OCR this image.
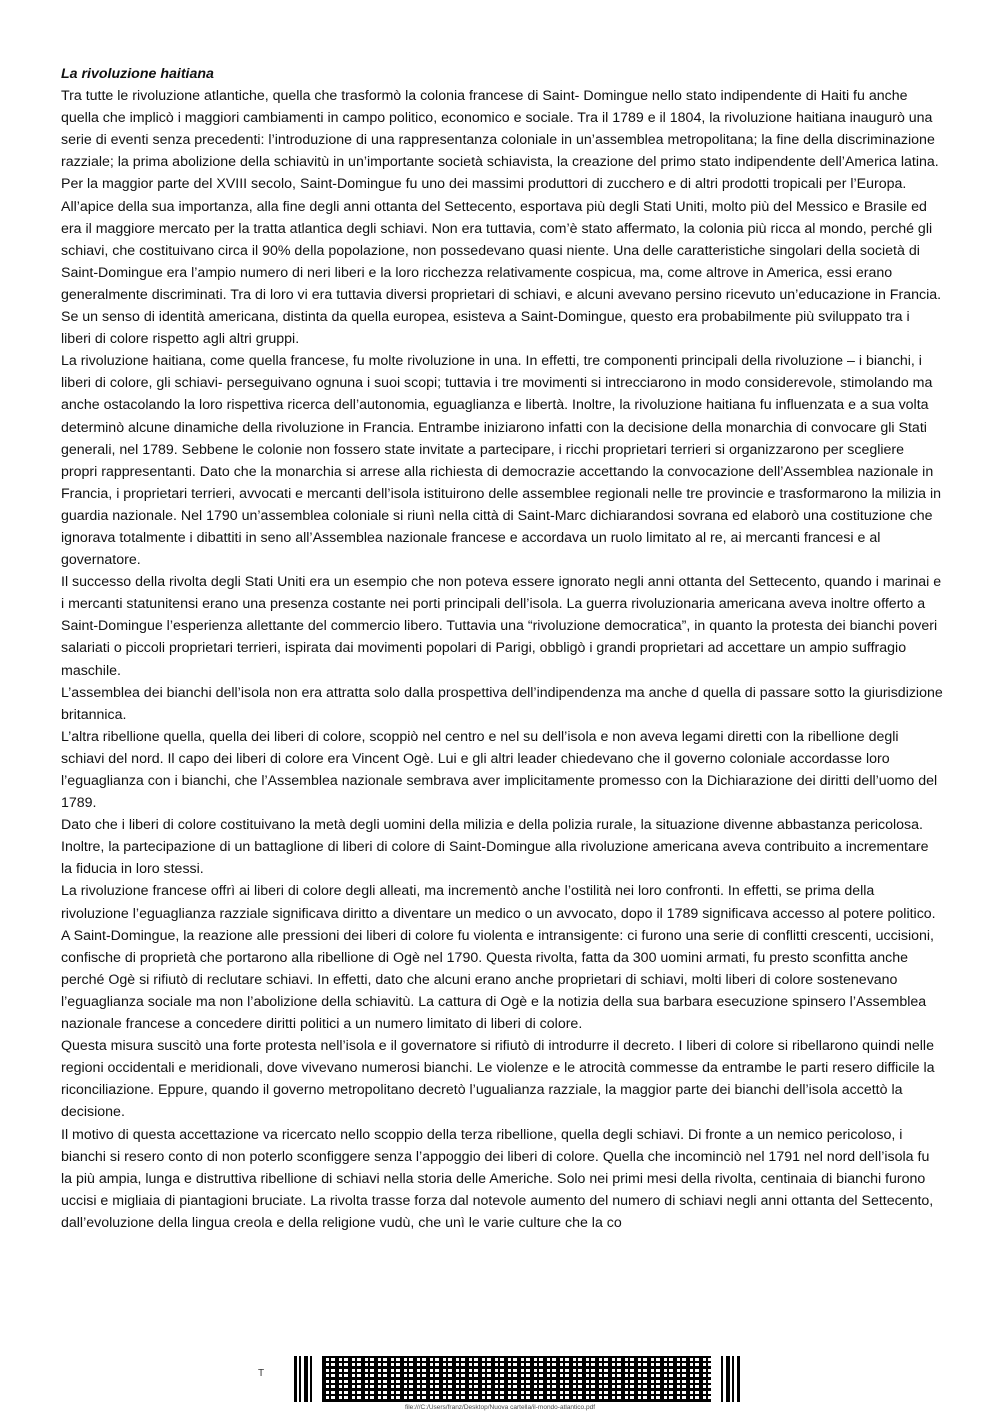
La rivoluzione haitiana

Tra tutte le rivoluzione atlantiche, quella che trasformò la colonia francese di Saint- Domingue nello stato indipendente di Haiti fu anche quella che implicò i maggiori cambiamenti in campo politico, economico e sociale. Tra il 1789 e il 1804, la rivoluzione haitiana inaugurò una serie di eventi senza precedenti: l’introduzione di una rappresentanza coloniale in un’assemblea metropolitana; la fine della discriminazione razziale; la prima abolizione della schiavitù in un’importante società schiavista, la creazione del primo stato indipendente dell’America latina.

Per la maggior parte del XVIII secolo, Saint-Domingue fu uno dei massimi produttori di zucchero e di altri prodotti tropicali per l’Europa. All’apice della sua importanza, alla fine degli anni ottanta del Settecento, esportava più degli Stati Uniti, molto più del Messico e Brasile ed era il maggiore mercato per la tratta atlantica degli schiavi. Non era tuttavia, com’è stato affermato, la colonia più ricca al mondo, perché gli schiavi, che costituivano circa il 90% della popolazione, non possedevano quasi niente. Una delle caratteristiche singolari della società di Saint-Domingue era l’ampio numero di neri liberi e la loro ricchezza relativamente cospicua, ma, come altrove in America, essi erano generalmente discriminati. Tra di loro vi era tuttavia diversi proprietari di schiavi, e alcuni avevano persino ricevuto un’educazione in Francia. Se un senso di identità americana, distinta da quella europea, esisteva a Saint-Domingue, questo era probabilmente più sviluppato tra i liberi di colore rispetto agli altri gruppi.

La rivoluzione haitiana, come quella francese, fu molte rivoluzione in una. In effetti, tre componenti principali della rivoluzione – i bianchi, i liberi di colore, gli schiavi- perseguivano ognuna i suoi scopi; tuttavia i tre movimenti si intrecciarono in modo considerevole, stimolando ma anche ostacolando la loro rispettiva ricerca dell’autonomia, eguaglianza e libertà. Inoltre, la rivoluzione haitiana fu influenzata e a sua volta determinò alcune dinamiche della rivoluzione in Francia. Entrambe iniziarono infatti con la decisione della monarchia di convocare gli Stati generali, nel 1789. Sebbene le colonie non fossero state invitate a partecipare, i ricchi proprietari terrieri si organizzarono per scegliere propri rappresentanti. Dato che la monarchia si arrese alla richiesta di democrazie accettando la convocazione dell’Assemblea nazionale in Francia, i proprietari terrieri, avvocati e mercanti dell’isola istituirono delle assemblee regionali nelle tre provincie e trasformarono la milizia in guardia nazionale. Nel 1790 un’assemblea coloniale si riunì nella città di Saint-Marc dichiarandosi sovrana ed elaborò una costituzione che ignorava totalmente i dibattiti in seno all’Assemblea nazionale francese e accordava un ruolo limitato al re, ai mercanti francesi e al governatore.

Il successo della rivolta degli Stati Uniti era un esempio che non poteva essere ignorato negli anni ottanta del Settecento, quando i marinai e i mercanti statunitensi erano una presenza costante nei porti principali dell’isola. La guerra rivoluzionaria americana aveva inoltre offerto a Saint-Domingue l’esperienza allettante del commercio libero. Tuttavia una “rivoluzione democratica”, in quanto la protesta dei bianchi poveri salariati o piccoli proprietari terrieri, ispirata dai movimenti popolari di Parigi, obbligò i grandi proprietari ad accettare un ampio suffragio maschile.

L’assemblea dei bianchi dell’isola non era attratta solo dalla prospettiva dell’indipendenza ma anche d quella di passare sotto la giurisdizione britannica.

L’altra ribellione quella, quella dei liberi di colore, scoppiò nel centro e nel su dell’isola e non aveva legami diretti con la ribellione degli schiavi del nord. Il capo dei liberi di colore era Vincent Ogè. Lui e gli altri leader chiedevano che il governo coloniale accordasse loro l’eguaglianza con i bianchi, che l’Assemblea nazionale sembrava aver implicitamente promesso con la Dichiarazione dei diritti dell’uomo del 1789.

Dato che i liberi di colore costituivano la metà degli uomini della milizia e della polizia rurale, la situazione divenne abbastanza pericolosa. Inoltre, la partecipazione di un battaglione di liberi di colore di Saint-Domingue alla rivoluzione americana aveva contribuito a incrementare la fiducia in loro stessi.

La rivoluzione francese offrì ai liberi di colore degli alleati, ma incrementò anche l’ostilità nei loro confronti. In effetti, se prima della rivoluzione l’eguaglianza razziale significava diritto a diventare un medico o un avvocato, dopo il 1789 significava accesso al potere politico.

A Saint-Domingue, la reazione alle pressioni dei liberi di colore fu violenta e intransigente: ci furono una serie di conflitti crescenti, uccisioni, confische di proprietà che portarono alla ribellione di Ogè nel 1790. Questa rivolta, fatta da 300 uomini armati, fu presto sconfitta anche perché Ogè si rifiutò di reclutare schiavi. In effetti, dato che alcuni erano anche proprietari di schiavi, molti liberi di colore sostenevano l’eguaglianza sociale ma non l’abolizione della schiavitù. La cattura di Ogè e la notizia della sua barbara esecuzione spinsero l’Assemblea nazionale francese a concedere diritti politici a un numero limitato di liberi di colore.

Questa misura suscitò una forte protesta nell’isola e il governatore si rifiutò di introdurre il decreto. I liberi di colore si ribellarono quindi nelle regioni occidentali e meridionali, dove vivevano numerosi bianchi. Le violenze e le atrocità commesse da entrambe le parti resero difficile la riconciliazione. Eppure, quando il governo metropolitano decretò l’ugualianza razziale, la maggior parte dei bianchi dell’isola accettò la decisione.

Il motivo di questa accettazione va ricercato nello scoppio della terza ribellione, quella degli schiavi. Di fronte a un nemico pericoloso, i bianchi si resero conto di non poterlo sconfiggere senza l’appoggio dei liberi di colore. Quella che incominciò nel 1791 nel nord dell’isola fu la più ampia, lunga e distruttiva ribellione di schiavi nella storia delle Americhe. Solo nei primi mesi della rivolta, centinaia di bianchi furono uccisi e migliaia di piantagioni bruciate. La rivolta trasse forza dal notevole aumento del numero di schiavi negli anni ottanta del Settecento, dall’evoluzione della lingua creola e della religione vudù, che unì le varie culture che la co

T
file:///C:/Users/franz/Desktop/Nuova cartella/il-mondo-atlantico.pdf
